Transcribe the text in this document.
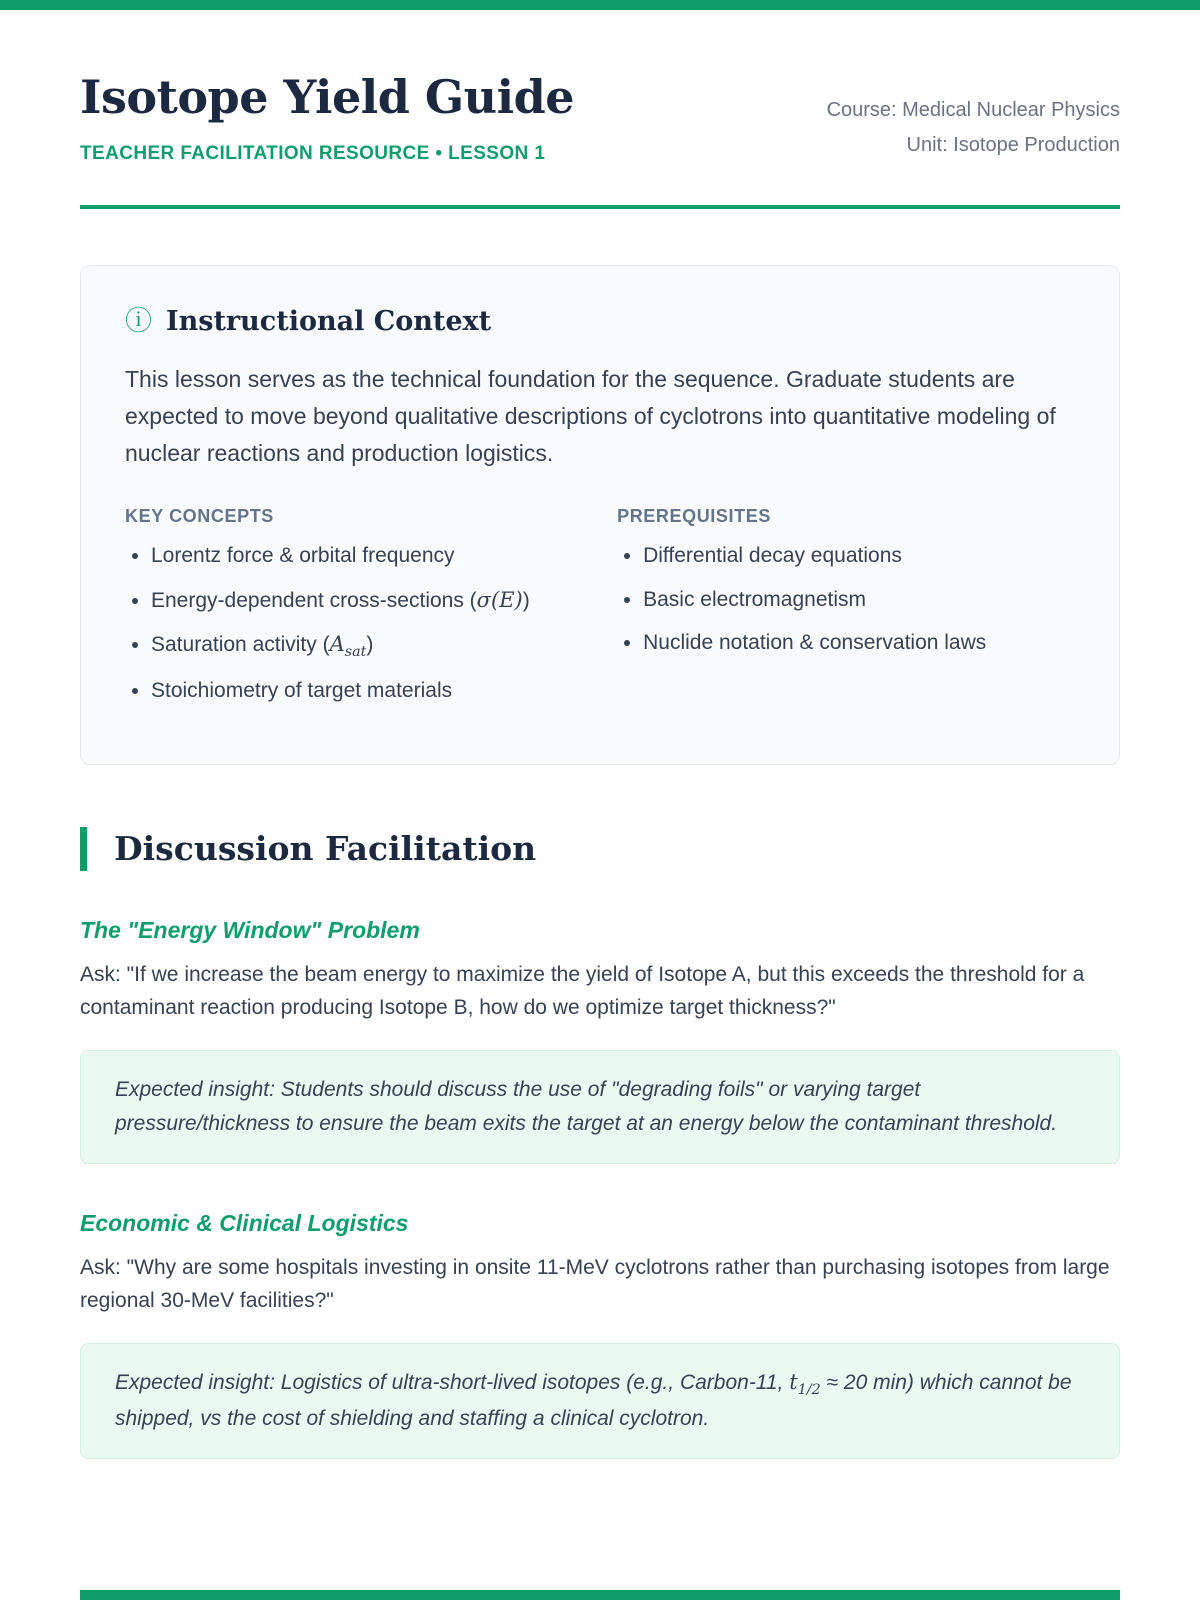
Isotope Yield Guide
TEACHER FACILITATION RESOURCE • LESSON 1
Course: Medical Nuclear Physics
Unit: Isotope Production
ⓘ Instructional Context

This lesson serves as the technical foundation for the sequence. Graduate students are expected to move beyond qualitative descriptions of cyclotrons into quantitative modeling of nuclear reactions and production logistics.

KEY CONCEPTS
• Lorentz force & orbital frequency
• Energy-dependent cross-sections (σ(E))
• Saturation activity $(A_{sat})$
• Stoichiometry of target materials
PREREQUISITES
• Differential decay equations
• Basic electromagnetism
• Nuclide notation & conservation laws
Discussion Facilitation
The "Energy Window" Problem

Ask: "If we increase the beam energy to maximize the yield of Isotope A, but this exceeds the threshold for a contaminant reaction producing Isotope B, how do we optimize target thickness?"

Expected insight: Students should discuss the use of "degrading foils" or varying target pressure/thickness to ensure the beam exits the target at an energy below the contaminant threshold.

Economic & Clinical Logistics

Ask: "Why are some hospitals investing in onsite 11-MeV cyclotrons rather than purchasing isotopes from large regional 30-MeV facilities?"

Expected insight: Logistics of ultra-short-lived isotopes (e.g., Carbon-11, $t_{1/2} \approx 20$ min) which cannot be shipped, vs the cost of shielding and staffing a clinical cyclotron.
